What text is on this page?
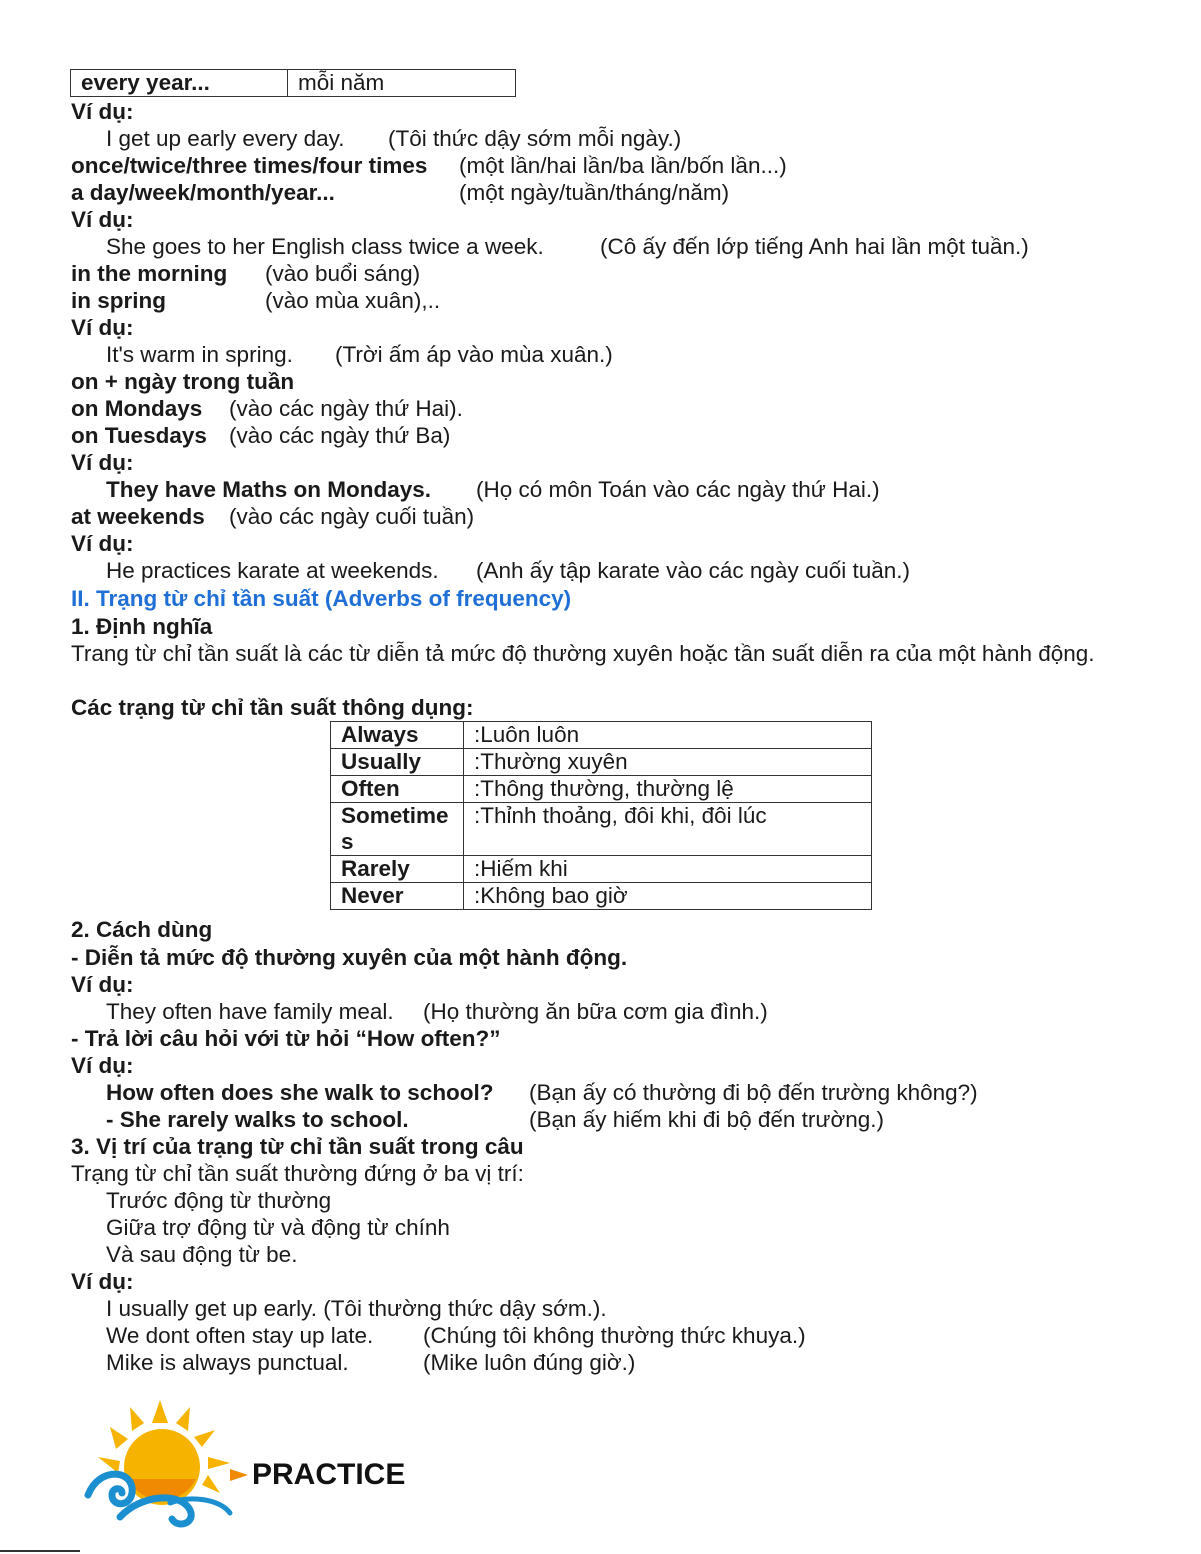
every year...	mỗi năm
Ví dụ:
I get up early every day. (Tôi thức dậy sớm mỗi ngày.)
once/twice/three times/four times (một lần/hai lần/ba lần/bốn lần...)
a day/week/month/year...	(một ngày/tuần/tháng/năm)
Ví dụ:
She goes to her English class twice a week.	(Cô ấy đến lớp tiếng Anh hai lần một tuần.)
in the morning (vào buổi sáng)
in spring	(vào mùa xuân),..
Ví dụ:
It's warm in spring. (Trời ấm áp vào mùa xuân.)
on + ngày trong tuần
on Mondays (vào các ngày thứ Hai).
on Tuesdays (vào các ngày thứ Ba)
Ví dụ:
They have Maths on Mondays. (Họ có môn Toán vào các ngày thứ Hai.)
at weekends (vào các ngày cuối tuần)
Ví dụ:
He practices karate at weekends. (Anh ấy tập karate vào các ngày cuối tuần.)
II. Trạng từ chỉ tần suất (Adverbs of frequency)
1. Định nghĩa
Trang từ chỉ tần suất là các từ diễn tả mức độ thường xuyên hoặc tần suất diễn ra của một hành động.
Các trạng từ chỉ tần suất thông dụng:
Always	:Luôn luôn
Usually	:Thường xuyên
Often	:Thông thường, thường lệ
Sometime s	:Thỉnh thoảng, đôi khi, đôi lúc
Rarely	:Hiếm khi
Never	:Không bao giờ
2. Cách dùng
- Diễn tả mức độ thường xuyên của một hành động.
Ví dụ:
They often have family meal. (Họ thường ăn bữa cơm gia đình.)
- Trả lời câu hỏi với từ hỏi “How often?”
Ví dụ:
How often does she walk to school? (Bạn ấy có thường đi bộ đến trường không?)
- She rarely walks to school.	(Bạn ấy hiếm khi đi bộ đến trường.)
3. Vị trí của trạng từ chỉ tần suất trong câu
Trạng từ chỉ tần suất thường đứng ở ba vị trí:
Trước động từ thường
Giữa trợ động từ và động từ chính
Và sau động từ be.
Ví dụ:
I usually get up early. (Tôi thường thức dậy sớm.).
We dont often stay up late. (Chúng tôi không thường thức khuya.)
Mike is always punctual.	(Mike luôn đúng giờ.)
PRACTICE
